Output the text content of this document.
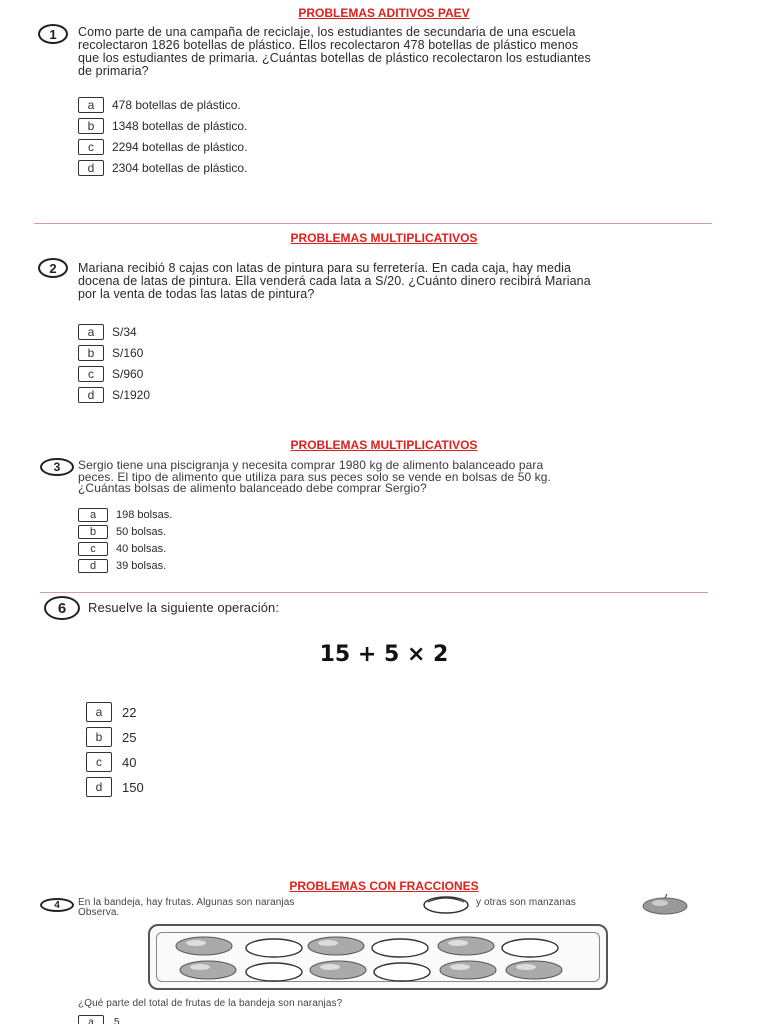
PROBLEMAS ADITIVOS PAEV
1	Como parte de una campaña de reciclaje, los estudiantes de secundaria de una escuela
recolectaron 1826 botellas de plástico. Ellos recolectaron 478 botellas de plástico menos
que los estudiantes de primaria. ¿Cuántas botellas de plástico recolectaron los estudiantes
de primaria?
a	478 botellas de plástico.
b	1348 botellas de plástico.
c	2294 botellas de plástico.
d	2304 botellas de plástico.
PROBLEMAS MULTIPLICATIVOS
2	Mariana recibió 8 cajas con latas de pintura para su ferretería. En cada caja, hay media
docena de latas de pintura. Ella venderá cada lata a S/20. ¿Cuánto dinero recibirá Mariana
por la venta de todas las latas de pintura?
a	S/34
b	S/160
c	S/960
d	S/1920
PROBLEMAS MULTIPLICATIVOS
3	Sergio tiene una piscigranja y necesita comprar 1980 kg de alimento balanceado para
peces. El tipo de alimento que utiliza para sus peces solo se vende en bolsas de 50 kg.
¿Cuántas bolsas de alimento balanceado debe comprar Sergio?
a	198 bolsas.
b	50 bolsas.
c	40 bolsas.
d	39 bolsas.
6	Resuelve la siguiente operación:
15 + 5 × 2
a	22
b	25
c	40
d	150
PROBLEMAS CON FRACCIONES
4	En la bandeja, hay frutas. Algunas son naranjas	y otras son manzanas
Observa.
¿Qué parte del total de frutas de la bandeja son naranjas?
a	5
